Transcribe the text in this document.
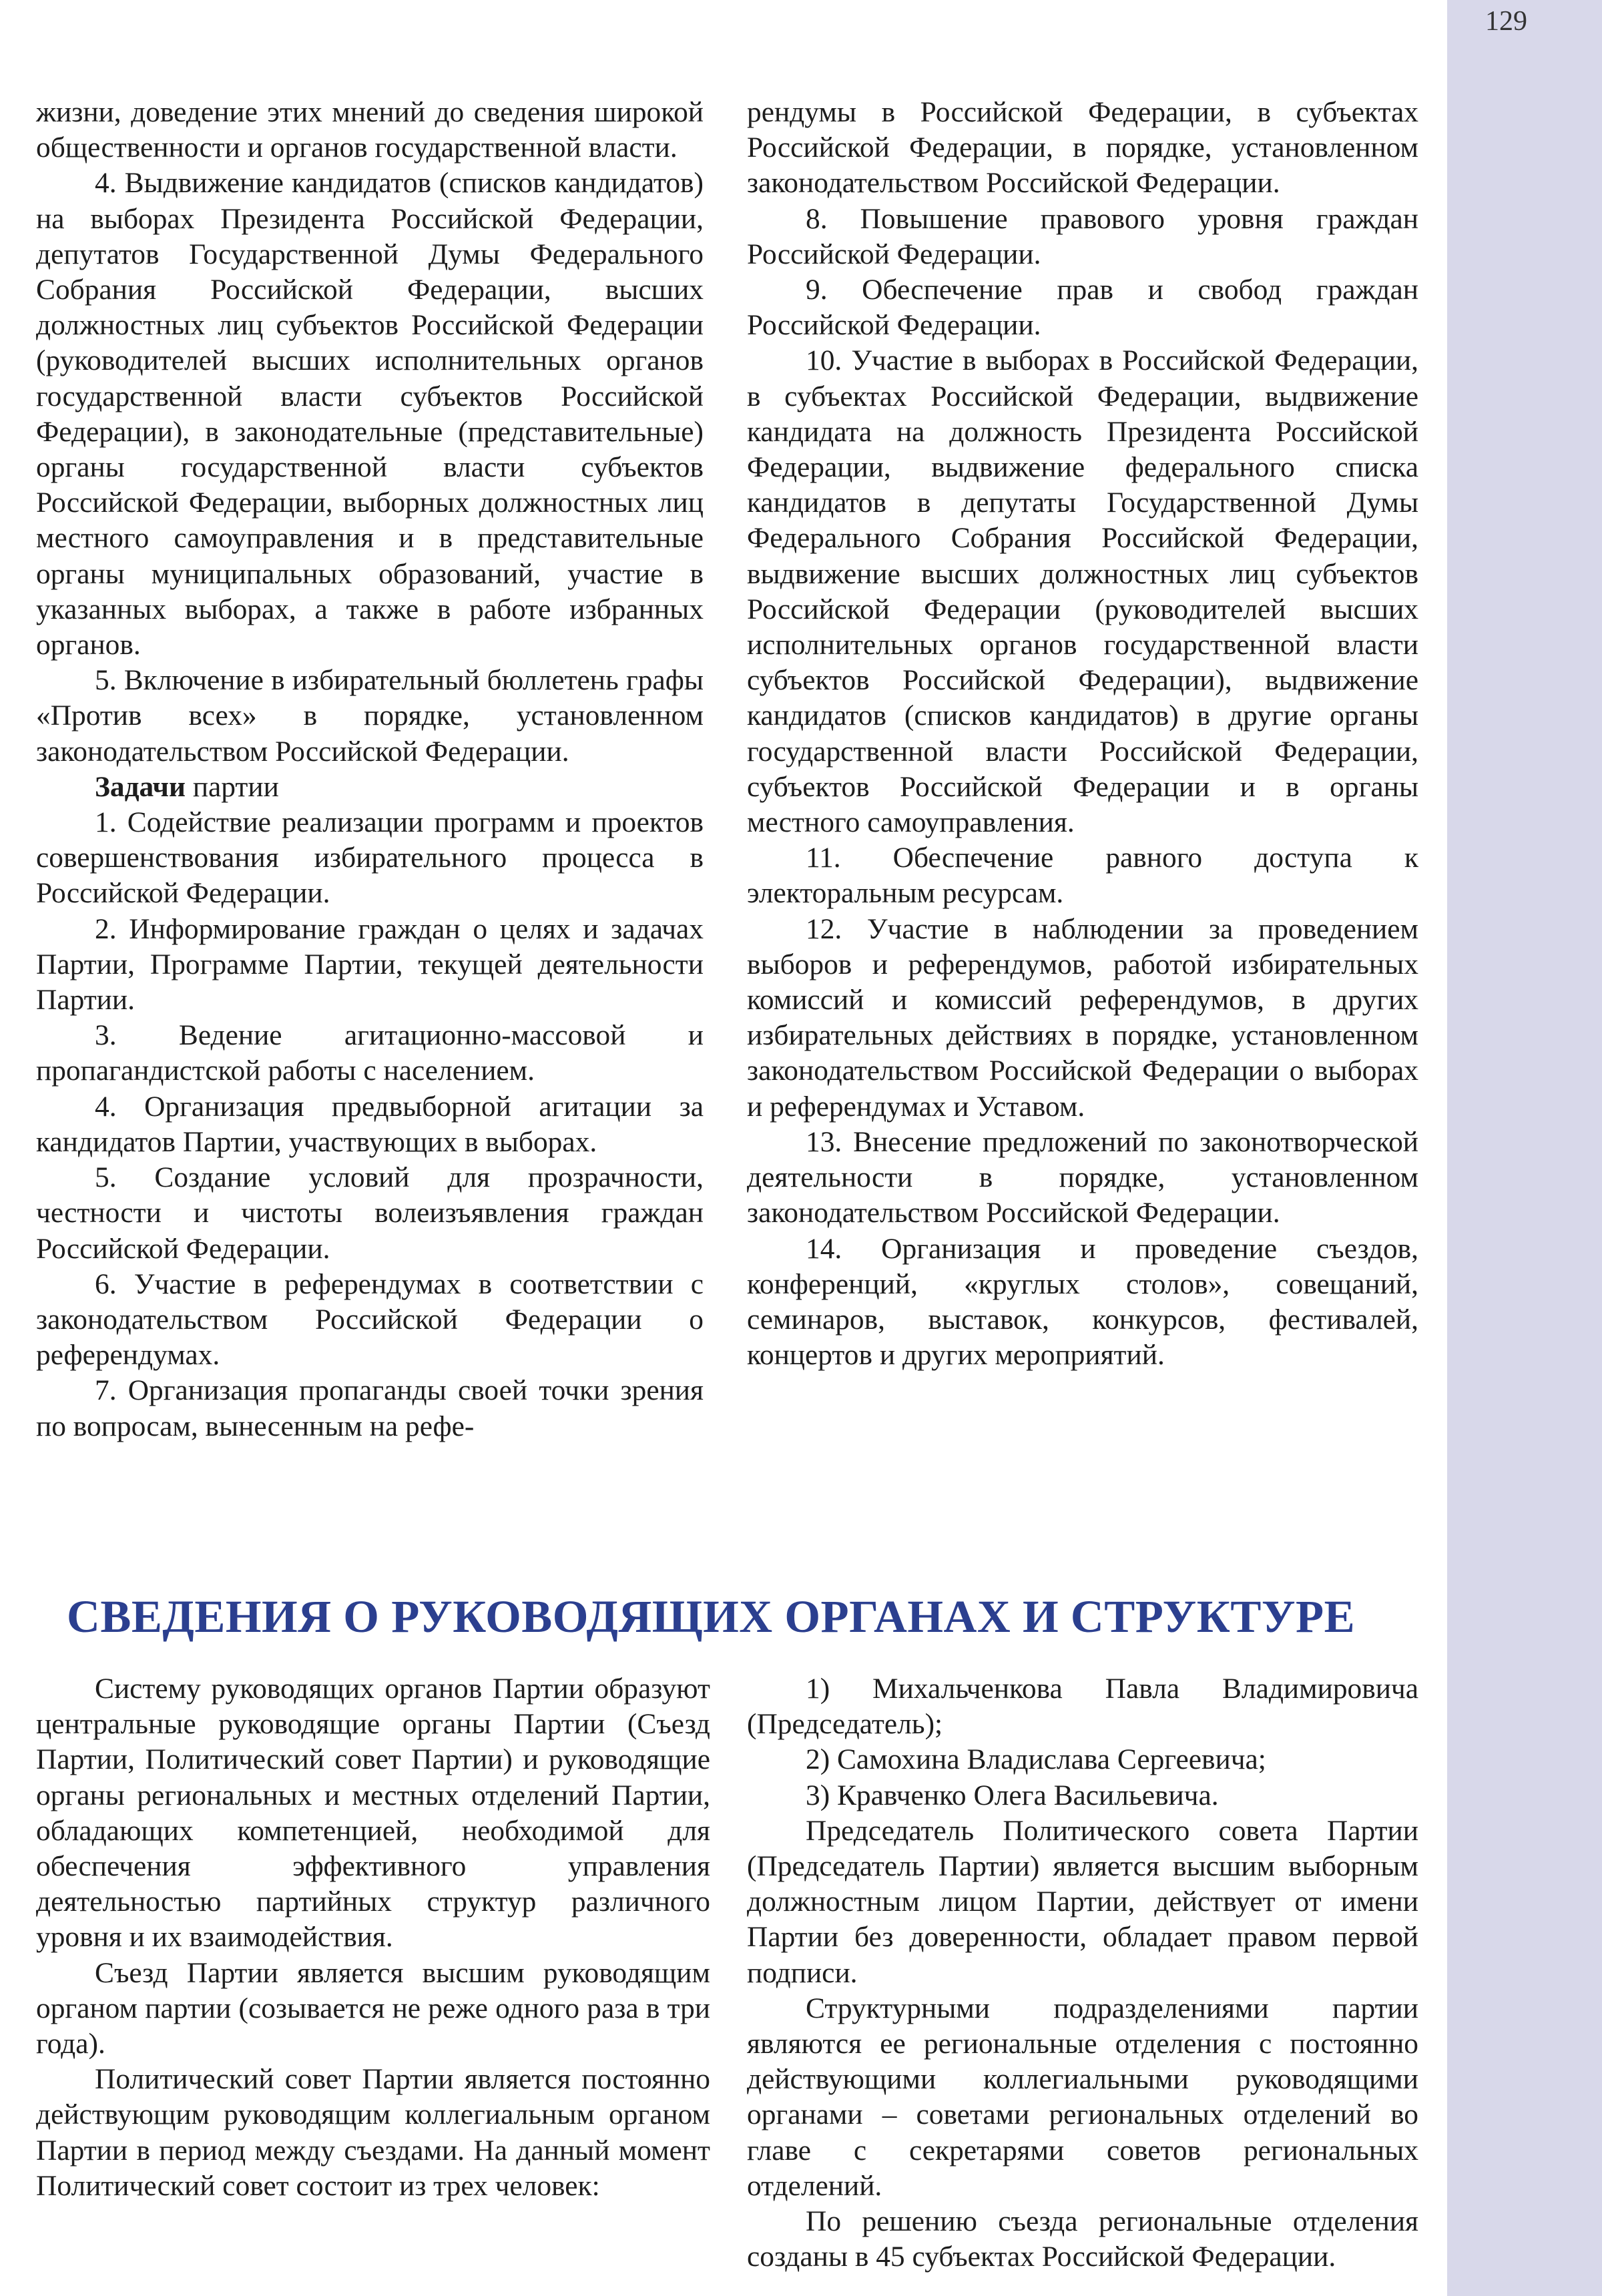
129

жизни, доведение этих мнений до сведения широкой общественности и органов государственной власти.

4. Выдвижение кандидатов (списков кандидатов) на выборах Президента Российской Федерации, депутатов Государственной Думы Федерального Собрания Российской Федерации, высших должностных лиц субъектов Российской Федерации (руководителей высших исполнительных органов государственной власти субъектов Российской Федерации), в законодательные (представительные) органы государственной власти субъектов Российской Федерации, выборных должностных лиц местного самоуправления и в представительные органы муниципальных образований, участие в указанных выборах, а также в работе избранных органов.

5. Включение в избирательный бюллетень графы «Против всех» в порядке, установленном законодательством Российской Федерации.

Задачи партии

1. Содействие реализации программ и проектов совершенствования избирательного процесса в Российской Федерации.

2. Информирование граждан о целях и задачах Партии, Программе Партии, текущей деятельности Партии.

3. Ведение агитационно-массовой и пропагандистской работы с населением.

4. Организация предвыборной агитации за кандидатов Партии, участвующих в выборах.

5. Создание условий для прозрачности, честности и чистоты волеизъявления граждан Российской Федерации.

6. Участие в референдумах в соответствии с законодательством Российской Федерации о референдумах.

7. Организация пропаганды своей точки зрения по вопросам, вынесенным на рефе-

рендумы в Российской Федерации, в субъектах Российской Федерации, в порядке, установленном законодательством Российской Федерации.

8. Повышение правового уровня граждан Российской Федерации.

9. Обеспечение прав и свобод граждан Российской Федерации.

10. Участие в выборах в Российской Федерации, в субъектах Российской Федерации, выдвижение кандидата на должность Президента Российской Федерации, выдвижение федерального списка кандидатов в депутаты Государственной Думы Федерального Собрания Российской Федерации, выдвижение высших должностных лиц субъектов Российской Федерации (руководителей высших исполнительных органов государственной власти субъектов Российской Федерации), выдвижение кандидатов (списков кандидатов) в другие органы государственной власти Российской Федерации, субъектов Российской Федерации и в органы местного самоуправления.

11. Обеспечение равного доступа к электоральным ресурсам.

12. Участие в наблюдении за проведением выборов и референдумов, работой избирательных комиссий и комиссий референдумов, в других избирательных действиях в порядке, установленном законодательством Российской Федерации о выборах и референдумах и Уставом.

13. Внесение предложений по законотворческой деятельности в порядке, установленном законодательством Российской Федерации.

14. Организация и проведение съездов, конференций, «круглых столов», совещаний, семинаров, выставок, конкурсов, фестивалей, концертов и других мероприятий.

СВЕДЕНИЯ О РУКОВОДЯЩИХ ОРГАНАХ И СТРУКТУРЕ

Систему руководящих органов Партии образуют центральные руководящие органы Партии (Съезд Партии, Политический совет Партии) и руководящие органы региональных и местных отделений Партии, обладающих компетенцией, необходимой для обеспечения эффективного управления деятельностью партийных структур различного уровня и их взаимодействия.

Съезд Партии является высшим руководящим органом партии (созывается не реже одного раза в три года).

Политический совет Партии является постоянно действующим руководящим коллегиальным органом Партии в период между съездами. На данный момент Политический совет состоит из трех человек:

1) Михальченкова Павла Владимировича (Председатель);

2) Самохина Владислава Сергеевича;

3) Кравченко Олега Васильевича.

Председатель Политического совета Партии (Председатель Партии) является высшим выборным должностным лицом Партии, действует от имени Партии без доверенности, обладает правом первой подписи.

Структурными подразделениями партии являются ее региональные отделения с постоянно действующими коллегиальными руководящими органами – советами региональных отделений во главе с секретарями советов региональных отделений.

По решению съезда региональные отделения созданы в 45 субъектах Российской Федерации.
